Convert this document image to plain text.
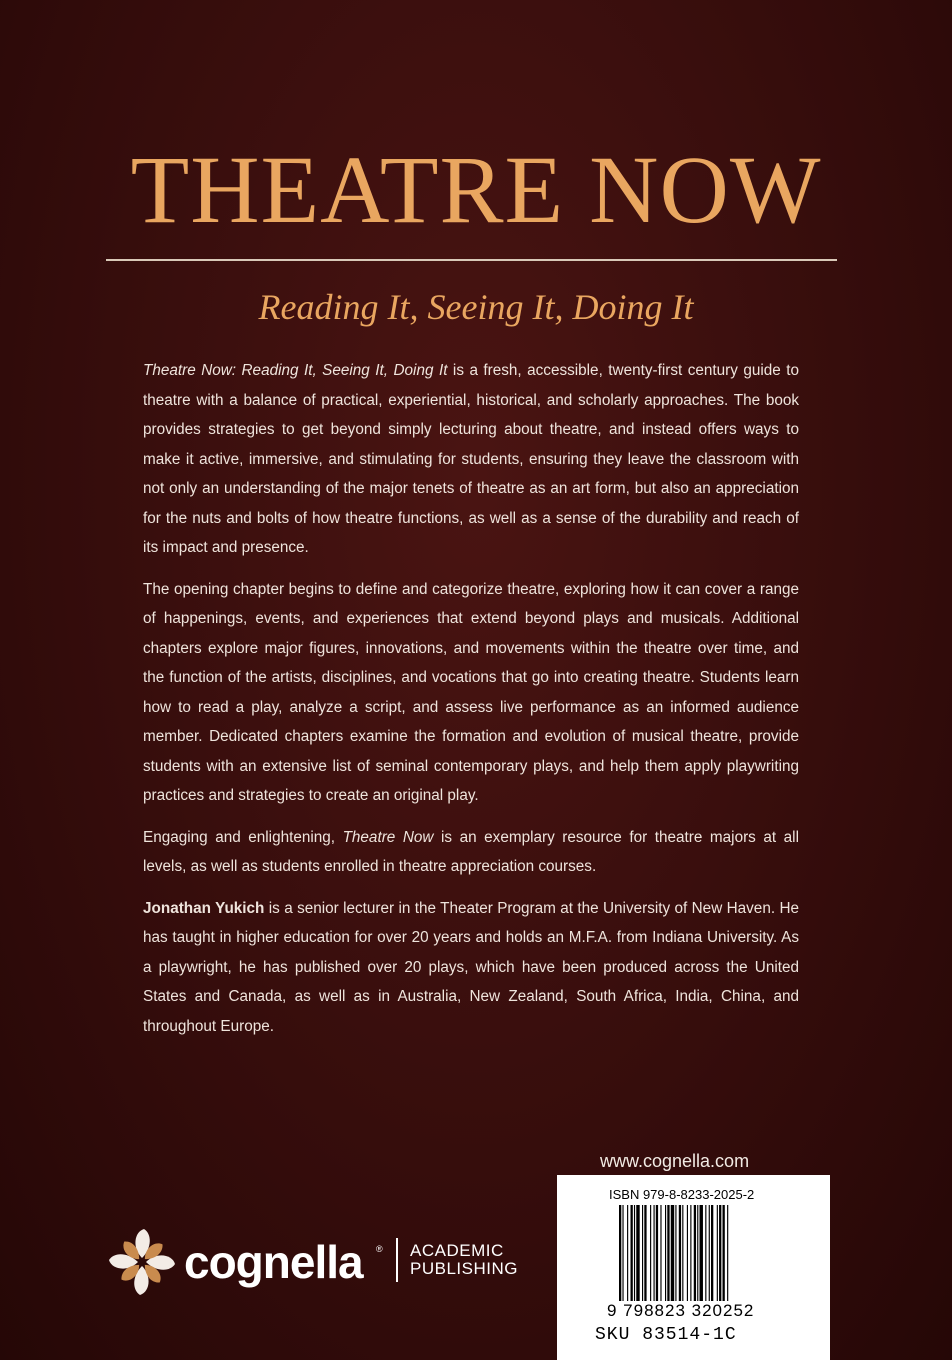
THEATRE NOW

Reading It, Seeing It, Doing It

Theatre Now: Reading It, Seeing It, Doing It is a fresh, accessible, twenty-first century guide to theatre with a balance of practical, experiential, historical, and scholarly approaches. The book provides strategies to get beyond simply lecturing about theatre, and instead offers ways to make it active, immersive, and stimulating for students, ensuring they leave the classroom with not only an understanding of the major tenets of theatre as an art form, but also an appreciation for the nuts and bolts of how theatre functions, as well as a sense of the durability and reach of its impact and presence.

The opening chapter begins to define and categorize theatre, exploring how it can cover a range of happenings, events, and experiences that extend beyond plays and musicals. Additional chapters explore major figures, innovations, and movements within the theatre over time, and the function of the artists, disciplines, and vocations that go into creating theatre. Students learn how to read a play, analyze a script, and assess live performance as an informed audience member. Dedicated chapters examine the formation and evolution of musical theatre, provide students with an extensive list of seminal contemporary plays, and help them apply playwriting practices and strategies to create an original play.

Engaging and enlightening, Theatre Now is an exemplary resource for theatre majors at all levels, as well as students enrolled in theatre appreciation courses.

Jonathan Yukich is a senior lecturer in the Theater Program at the University of New Haven. He has taught in higher education for over 20 years and holds an M.F.A. from Indiana University. As a playwright, he has published over 20 plays, which have been produced across the United States and Canada, as well as in Australia, New Zealand, South Africa, India, China, and throughout Europe.

cognella ® ACADEMIC
PUBLISHING
www.cognella.com
ISBN 979-8-8233-2025-2
9 798823 320252
SKU 83514-1C
